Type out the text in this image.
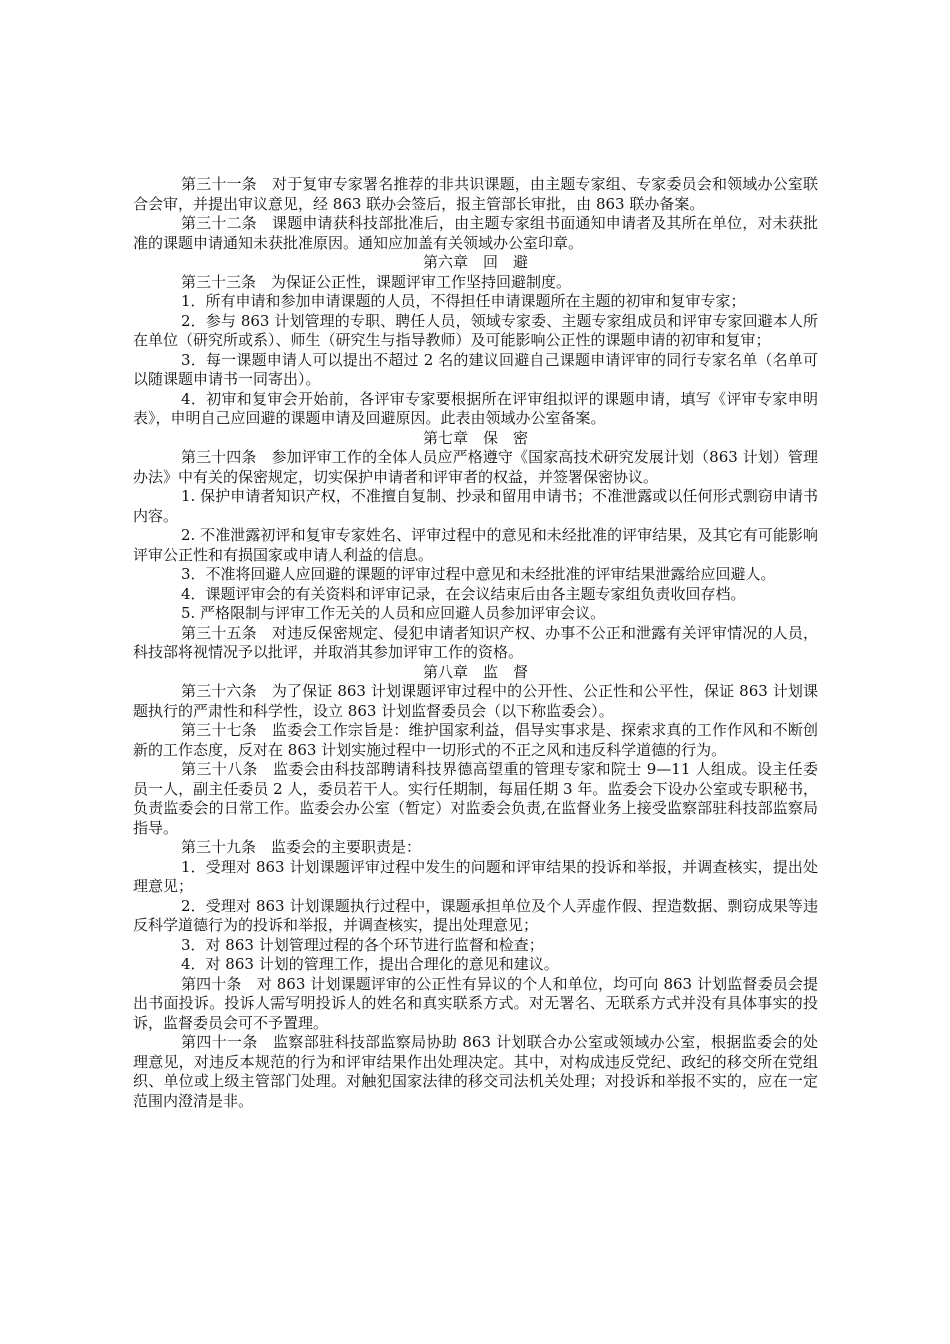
第三十一条　对于复审专家署名推荐的非共识课题，由主题专家组、专家委员会和领域办公室联合会审，并提出审议意见，经 863 联办会签后，报主管部长审批，由 863 联办备案。

第三十二条　课题申请获科技部批准后，由主题专家组书面通知申请者及其所在单位，对未获批准的课题申请通知未获批准原因。通知应加盖有关领域办公室印章。

第六章　回　避

第三十三条　为保证公正性，课题评审工作坚持回避制度。

1．所有申请和参加申请课题的人员，不得担任申请课题所在主题的初审和复审专家；

2．参与 863 计划管理的专职、聘任人员，领域专家委、主题专家组成员和评审专家回避本人所在单位（研究所或系）、师生（研究生与指导教师）及可能影响公正性的课题申请的初审和复审；

3．每一课题申请人可以提出不超过 2 名的建议回避自己课题申请评审的同行专家名单（名单可以随课题申请书一同寄出）。

4．初审和复审会开始前，各评审专家要根据所在评审组拟评的课题申请，填写《评审专家申明表》，申明自己应回避的课题申请及回避原因。此表由领域办公室备案。

第七章　保　密

第三十四条　参加评审工作的全体人员应严格遵守《国家高技术研究发展计划（863 计划）管理办法》中有关的保密规定，切实保护申请者和评审者的权益，并签署保密协议。

1. 保护申请者知识产权，不准擅自复制、抄录和留用申请书；不准泄露或以任何形式剽窃申请书内容。

2. 不准泄露初评和复审专家姓名、评审过程中的意见和未经批准的评审结果，及其它有可能影响评审公正性和有损国家或申请人利益的信息。

3．不准将回避人应回避的课题的评审过程中意见和未经批准的评审结果泄露给应回避人。

4．课题评审会的有关资料和评审记录，在会议结束后由各主题专家组负责收回存档。

5. 严格限制与评审工作无关的人员和应回避人员参加评审会议。

第三十五条　对违反保密规定、侵犯申请者知识产权、办事不公正和泄露有关评审情况的人员，科技部将视情况予以批评，并取消其参加评审工作的资格。

第八章　监　督

第三十六条　为了保证 863 计划课题评审过程中的公开性、公正性和公平性，保证 863 计划课题执行的严肃性和科学性，设立 863 计划监督委员会（以下称监委会）。

第三十七条　监委会工作宗旨是：维护国家利益，倡导实事求是、探索求真的工作作风和不断创新的工作态度，反对在 863 计划实施过程中一切形式的不正之风和违反科学道德的行为。

第三十八条　监委会由科技部聘请科技界德高望重的管理专家和院士 9—11 人组成。设主任委员一人，副主任委员 2 人，委员若干人。实行任期制，每届任期 3 年。监委会下设办公室或专职秘书，负责监委会的日常工作。监委会办公室（暂定）对监委会负责,在监督业务上接受监察部驻科技部监察局指导。

第三十九条　监委会的主要职责是：

1．受理对 863 计划课题评审过程中发生的问题和评审结果的投诉和举报，并调查核实，提出处理意见；

2．受理对 863 计划课题执行过程中，课题承担单位及个人弄虚作假、捏造数据、剽窃成果等违反科学道德行为的投诉和举报，并调查核实，提出处理意见；

3．对 863 计划管理过程的各个环节进行监督和检查；

4．对 863 计划的管理工作，提出合理化的意见和建议。

第四十条　对 863 计划课题评审的公正性有异议的个人和单位，均可向 863 计划监督委员会提出书面投诉。投诉人需写明投诉人的姓名和真实联系方式。对无署名、无联系方式并没有具体事实的投诉，监督委员会可不予置理。

第四十一条　监察部驻科技部监察局协助 863 计划联合办公室或领域办公室，根据监委会的处理意见，对违反本规范的行为和评审结果作出处理决定。其中，对构成违反党纪、政纪的移交所在党组织、单位或上级主管部门处理。对触犯国家法律的移交司法机关处理；对投诉和举报不实的，应在一定范围内澄清是非。
